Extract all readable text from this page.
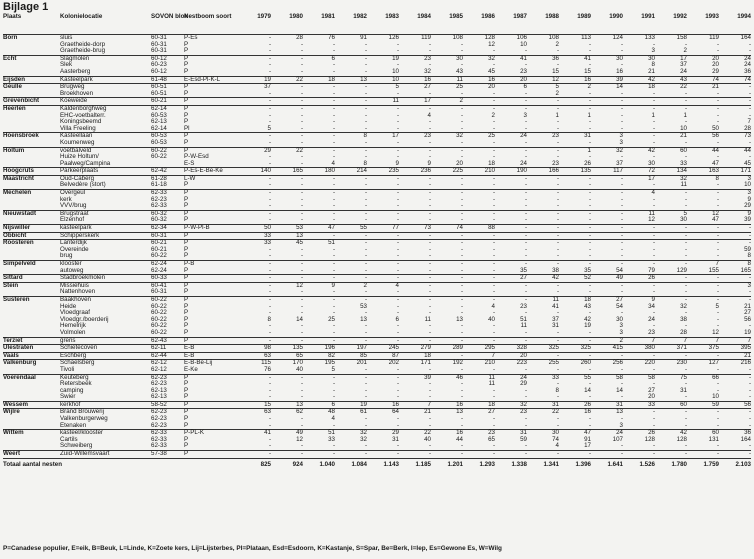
Bijlage 1
Plaats	Kolonielocatie	SOVON blok	Nestboom soort	1979	1980	1981	1982	1983	1984	1985	1986	1987	1988	1989	1990	1991	1992	1993	1994
Born	sluis	60-31	P-Es	-	28	76	91	126	119	108	128	106	108	113	124	133	158	119	164
	Graetheide-dorp	60-31	P	-	-	-	-	-	-	-	12	10	2	-	-	-	-	-	-
	Graetheide-brug	60-31	P	-	-	-	-	-	-	-	-	-	-	-	-	3	2	-	-
Echt	Slagmolen	60-12	P	-	-	6	-	19	23	30	32	41	36	41	30	30	17	20	24
	Slek	60-23	P	-	-	-	-	-	-	-	-	-	-	-	-	8	37	20	24
	Aasterberg	60-12	P	-	-	-	-	10	32	43	45	23	15	15	16	21	24	29	36
Eijsden	Kasteelpark	61-48	E-Esd-Pl-K-L	19	22	18	13	10	16	11	16	20	12	16	39	42	43	74	74
Geulle	Brugweg	60-51	P	37	-	-	-	5	27	25	20	6	5	2	14	18	22	21	-
	Broekhoven	60-51	P	-	-	-	-	-	-	-	-	-	2	-	-	-	-	-	-
Grevenbicht	Koeweide	60-21	P	-	-	-	-	11	17	2	-	-	-	-	-	-	-	-	-
Heerlen	Kaldenborghweg	62-14	P	-	-	-	-	-	-	-	-	-	-	-	-	-	-	-	-
	EHC-voetbalterr.	60-53	P	-	-	-	-	-	4	-	2	3	1	1	-	1	1	-	-
	Koningsbeemd	62-13	P	-	-	-	-	-	-	-	-	-	-	-	-	-	-	-	7
	Villa Freeling	62-14	Pl	5	-	-	-	-	-	-	-	-	-	-	-	-	10	50	28
Hoensbroek	Kasteellaan	60-53	P	-	-	-	8	17	23	32	25	24	23	31	3	-	21	56	73
	Koumenweg	60-53	P	-	-	-	-	-	-	-	-	-	-	-	3	-	-	-	-
Holtum	voetbalveld	60-22	P	29	22	-	-	-	-	-	-	-	-	1	32	42	60	44	44
	Huize Holtum/	60-22	P-W-Esd	-	-	-	-	-	-	-	-	-	-	-	-	-	-	-	-
	Paalweg/Campina		E-S	-	-	4	8	9	9	20	18	24	23	26	37	30	33	47	45
Hoogcruts	Parkeerplaats	62-42	P-Es-E-Be-Ke	140	165	180	214	235	236	225	210	190	166	135	117	72	134	163	171
Maastricht	Oud-Caberg	61-28	L-W	-	-	-	-	-	-	-	-	-	-	-	-	17	32	8	3
	Belvedère (stort)	61-18	P	-	-	-	-	-	-	-	-	-	-	-	-	-	11	-	10
Mechelen	Overgeul	62-33	P	-	-	-	-	-	-	-	-	-	-	-	-	4	-	-	3
	kerk	62-23	P	-	-	-	-	-	-	-	-	-	-	-	-	-	-	-	9
	VVV/brug	62-33	P	-	-	-	-	-	-	-	-	-	-	-	-	-	-	-	29
Nieuwstadt	Brugstraat	60-32	P	-	-	-	-	-	-	-	-	-	-	-	-	11	5	12	9
	Elzenhof	60-32	P	-	-	-	-	-	-	-	-	-	-	-	-	12	30	47	39
Nijswiller	kasteelpark	62-34	P-W-Pl-B	50	53	47	55	77	73	74	88	-	-	-	-	-	-	-	-
Obbicht	Schipperskerk	60-31	P	33	13	-	-	-	-	-	-	-	-	-	-	-	-	-	-
Roosteren	Lanterdijk	60-21	P	33	45	51	-	-	-	-	-	-	-	-	-	-	-	-	-
	Overeinde	60-21	P	-	-	-	-	-	-	-	-	-	-	-	-	-	-	-	59
	brug	60-22	P	-	-	-	-	-	-	-	-	-	-	-	-	-	-	-	8
Simpelveld	klooster	62-24	P-B	-	-	-	-	-	-	-	-	-	-	-	-	-	-	7	8
	autoweg	62-24	P	-	-	-	-	-	-	-	-	35	38	35	54	79	129	155	165
Sittard	Stadbroekmolen	60-33	P	-	-	-	-	-	-	-	-	27	42	52	49	26	-	-	-
Stein	Missiehuis	60-41	P	-	12	9	2	4	-	-	-	-	-	-	-	-	-	-	3
	Nattenhoven	60-31	P	-	-	-	-	-	-	-	-	-	-	-	-	-	-	-	-
Susteren	Baakhoven	60-22	P	-	-	-	-	-	-	-	-	-	11	18	27	9	-	-	-
	Heide	60-22	P	-	-	-	53	-	-	-	4	23	41	43	54	34	32	5	21
	Vloedgraaf	60-22	P	-	-	-	-	-	-	-	-	-	-	-	-	-	-	-	27
	Vloedgr./boerderij	60-22	P	8	14	25	13	6	11	13	40	51	37	42	30	24	38	-	56
	Hemelrijk	60-22	P	-	-	-	-	-	-	-	-	11	31	19	3	-	-	-	-
	Volmolen	60-22	P	-	-	-	-	-	-	-	-	-	-	-	3	23	28	12	19
Terziet	grens	62-43	P	-	-	-	-	-	-	-	-	-	-	-	2	7	7	7	7
Ulestraten	Schietecoven	62-11	E-B	98	135	196	197	245	279	289	295	328	325	325	415	380	371	375	395
Vaals	Eschberg	62-44	E-B	63	65	82	85	87	18	-	7	20	-	-	-	-	-	-	21
Valkenburg	Schaelsberg	62-12	E-B-Be-Lij	115	170	195	201	202	171	192	210	223	255	260	256	220	230	127	216
	Tivoli	62-12	E-Ke	76	40	5	-	-	-	-	-	-	-	-	-	-	-	-	-
Voerendaal	Keuteberg	62-23	P	-	-	-	-	-	39	46	11	24	33	55	58	58	75	66	-
	Retersbeek	62-23	P	-	-	-	-	-	-	-	11	29	-	-	-	-	-	-	-
	camping	62-13	P	-	-	-	-	-	-	-	-	-	8	14	14	27	31	-	-
	Swier	62-13	P	-	-	-	-	-	-	-	-	-	-	-	-	20	-	10	-
Wessem	kerkhof	58-52	P	15	13	6	19	16	7	16	18	32	31	26	31	33	60	59	56
Wijlre	Brand Brouwerij	62-23	P	63	62	48	61	64	21	13	27	23	22	16	13	-	-	-	-
	Valkenburgerweg	62-23	P	-	-	4	-	-	-	-	-	-	-	-	-	-	-	-	-
	Etenaken	62-23	P	-	-	-	-	-	-	-	-	-	-	-	3	-	-	-	-
Wittem	kasteel/klooster	62-33	P-PL-K	41	49	51	32	29	22	16	23	31	30	47	24	26	42	60	36
	Cartils	62-33	P	-	12	33	32	31	40	44	65	59	74	91	107	128	128	131	164
	Schweiberg	62-33	P	-	-	-	-	-	-	-	-	-	4	17	-	-	-	-	-
Weert	Zuid-Willemsvaart	57-38	P	-	-	-	-	-	-	-	-	-	-	-	-	-	-	-	-
Totaal aantal nesten				825	924	1.040	1.084	1.143	1.185	1.201	1.293	1.338	1.341	1.396	1.641	1.526	1.780	1.759	2.103
P=Canadese populier, E=eik, B=Beuk, L=Linde, K=Zoete kers, Lij=Lijsterbes, Pl=Plataan, Esd=Esdoorn, K=Kastanje, S=Spar, Be=Berk, I=Iep, Es=Gewone Es, W=Wilg
